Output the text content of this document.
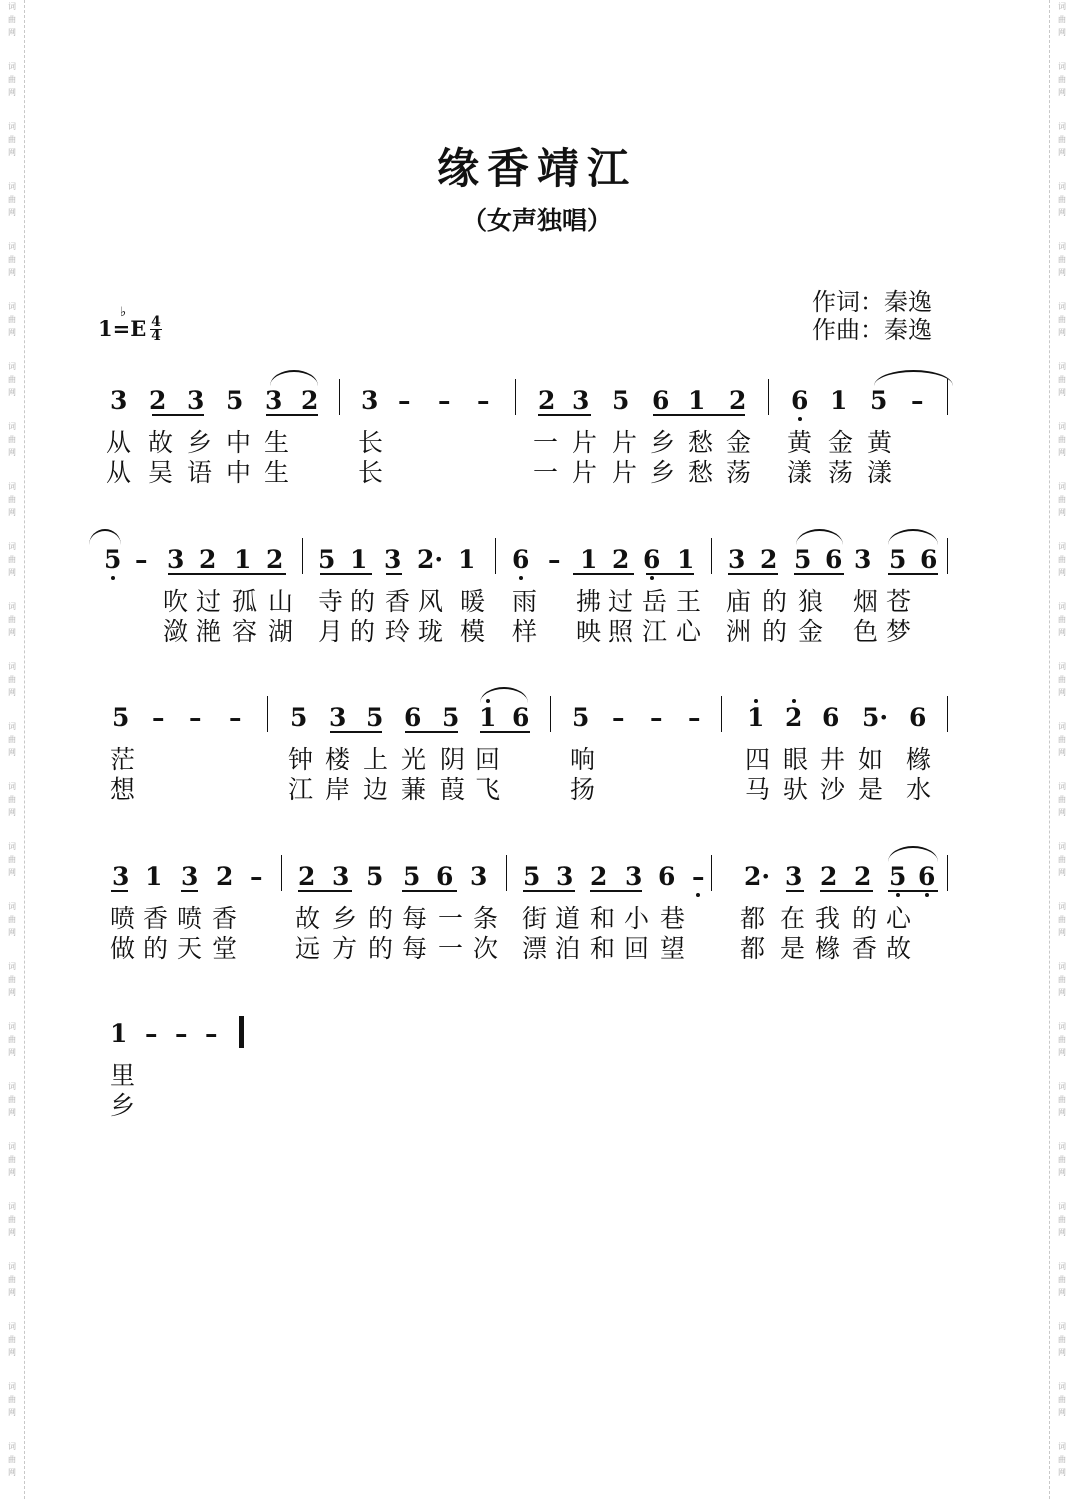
词
曲
网
词
曲
网
词
曲
网
词
曲
网
词
曲
网
词
曲
网
词
曲
网
词
曲
网
词
曲
网
词
曲
网
词
曲
网
词
曲
网
词
曲
网
词
曲
网
词
曲
网
词
曲
网
词
曲
网
词
曲
网
词
曲
网
词
曲
网
词
曲
网
词
曲
网
词
曲
网
词
曲
网
词
曲
网
词
曲
网
词
曲
网
词
曲
网
词
曲
网
词
曲
网
词
曲
网
词
曲
网
词
曲
网
词
曲
网
词
曲
网
词
曲
网
词
曲
网
词
曲
网
词
曲
网
词
曲
网
词
曲
网
词
曲
网
词
曲
网
词
曲
网
词
曲
网
词
曲
网
词
曲
网
词
曲
网
词
曲
网
词
曲
网
缘香靖江
（女声独唱）
作词：秦逸
作曲：秦逸
1=E
♭
4
4
3 2 3 5 3 2 3 – – – 2 3 5 6 1 2 6 1 5 –
从 故 乡 中 生	长	一 片 片 乡 愁 金 黄 金 黄
从 吴 语 中 生	长	一 片 片 乡 愁 荡 漾 荡 漾
5 – 3 2 1 2 5 1 3 2· 1 6 – 1 2 6 1 3 2 5 6 3 5 6
吹 过 孤 山 寺 的 香 风 暖 雨 拂 过 岳 王 庙 的 狼 烟 苍
潋 滟 容 湖 月 的 玲 珑 模 样 映 照 江 心 洲 的 金 色 梦
5 – – – 5 3 5 6 5 1 6 5 – – – 1 2 6 5· 6
茫	钟 楼 上 光 阴 回	响	四 眼 井 如 橼
想	江 岸 边 蒹 葭 飞	扬	马 驮 沙 是 水
3 1 3 2 – 2 3 5 5 6 3 5 3 2 3 6 – 2· 3 2 2 5 6
喷 香 喷 香 故 乡 的 每 一 条 街 道 和 小 巷 都 在 我 的 心
做 的 天 堂 远 方 的 每 一 次 漂 泊 和 回 望 都 是 橼 香 故
1 – – –
里
乡
